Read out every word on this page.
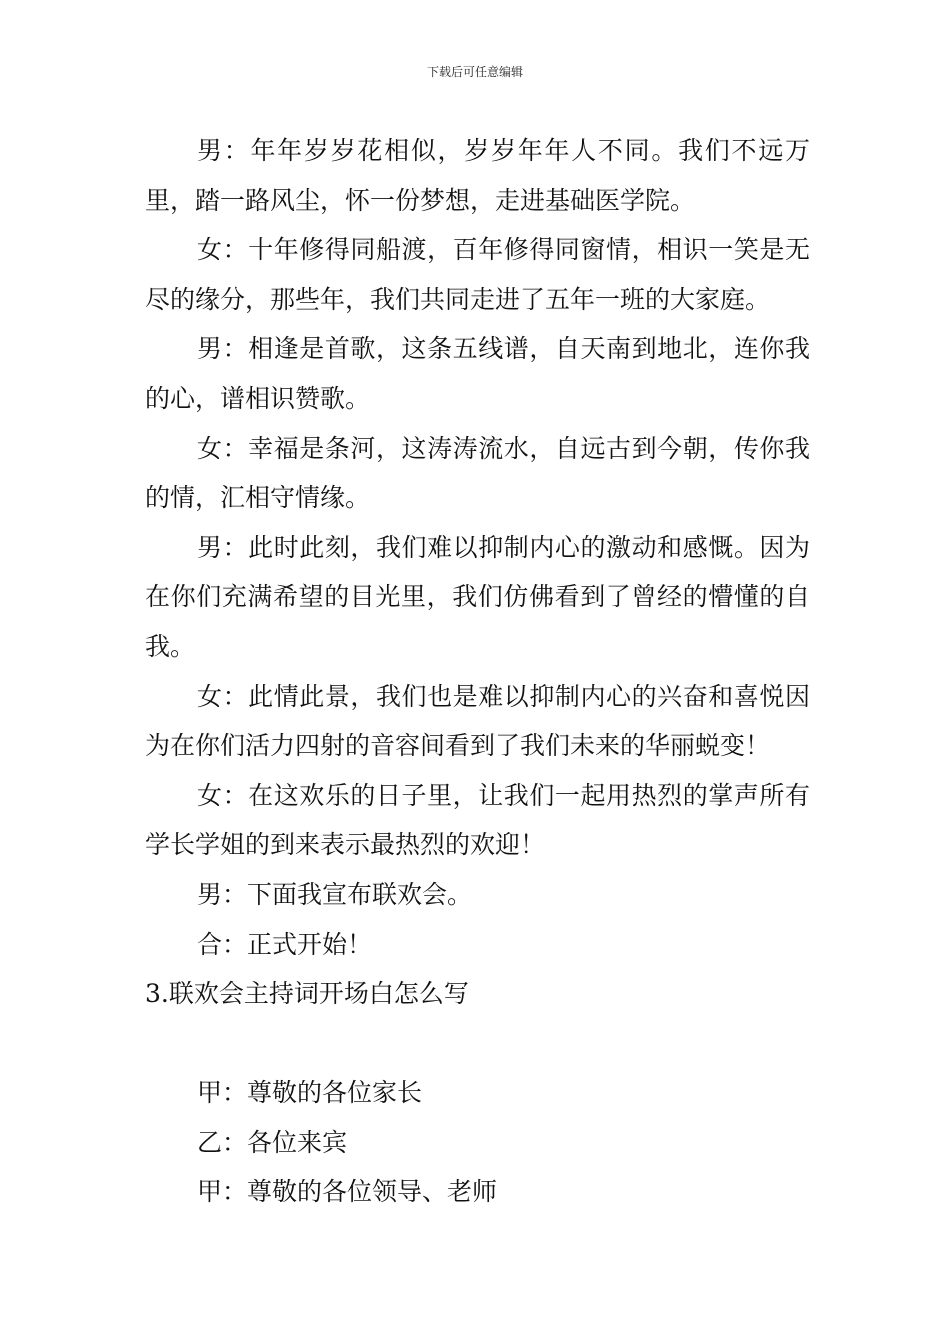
下载后可任意编辑

男：年年岁岁花相似，岁岁年年人不同。我们不远万里，踏一路风尘，怀一份梦想，走进基础医学院。

女：十年修得同船渡，百年修得同窗情，相识一笑是无尽的缘分，那些年，我们共同走进了五年一班的大家庭。

男：相逢是首歌，这条五线谱，自天南到地北，连你我的心，谱相识赞歌。

女：幸福是条河，这涛涛流水，自远古到今朝，传你我的情，汇相守情缘。

男：此时此刻，我们难以抑制内心的激动和感慨。因为在你们充满希望的目光里，我们仿佛看到了曾经的懵懂的自我。

女：此情此景，我们也是难以抑制内心的兴奋和喜悦因为在你们活力四射的音容间看到了我们未来的华丽蜕变！

女：在这欢乐的日子里，让我们一起用热烈的掌声所有学长学姐的到来表示最热烈的欢迎！

男：下面我宣布联欢会。

合：正式开始！

3.联欢会主持词开场白怎么写

甲：尊敬的各位家长

乙：各位来宾

甲：尊敬的各位领导、老师
